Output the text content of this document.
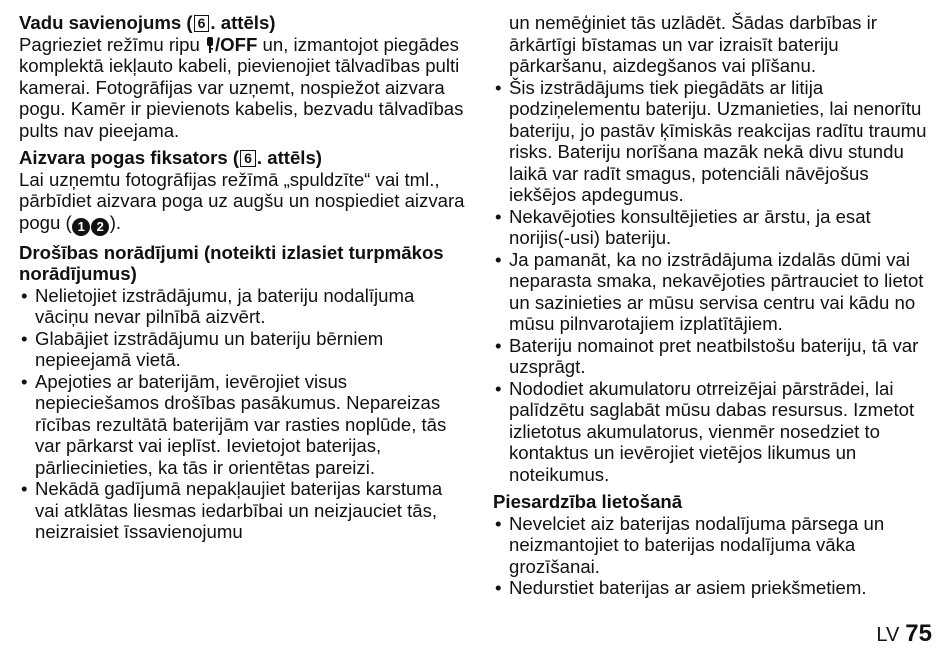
Vadu savienojums ( 6 . attēls)

Pagrieziet režīmu ripu /OFF un, izmantojot piegādes komplektā iekļauto kabeli, pievienojiet tālvadības pulti kamerai. Fotogrāfijas var uzņemt, nospiežot aizvara pogu. Kamēr ir pievienots kabelis, bezvadu tālvadības pults nav pieejama.

Aizvara pogas fiksators ( 6 . attēls)

Lai uzņemtu fotogrāfijas režīmā „spuldzīte“ vai tml., pārbīdiet aizvara poga uz augšu un nospiediet aizvara pogu ( 1 2 ).

Drošības norādījumi (noteikti izlasiet turpmākos norādījumus)
• Nelietojiet izstrādājumu, ja bateriju nodalījuma vāciņu nevar pilnībā aizvērt.
• Glabājiet izstrādājumu un bateriju bērniem nepieejamā vietā.
• Apejoties ar baterijām, ievērojiet visus nepieciešamos drošības pasākumus. Nepareizas rīcības rezultātā baterijām var rasties noplūde, tās var pārkarst vai ieplīst. Ievietojot baterijas, pārliecinieties, ka tās ir orientētas pareizi.
• Nekādā gadījumā nepakļaujiet baterijas karstuma vai atklātas liesmas iedarbībai un neizjauciet tās, neizraisiet īssavienojumu
un nemēģiniet tās uzlādēt. Šādas darbības ir ārkārtīgi bīstamas un var izraisīt bateriju pārkaršanu, aizdegšanos vai plīšanu.
• Šis izstrādājums tiek piegādāts ar litija podziņelementu bateriju. Uzmanieties, lai nenorītu bateriju, jo pastāv ķīmiskās reakcijas radītu traumu risks. Bateriju norīšana mazāk nekā divu stundu laikā var radīt smagus, potenciāli nāvējošus iekšējos apdegumus.
• Nekavējoties konsultējieties ar ārstu, ja esat norijis(-usi) bateriju.
• Ja pamanāt, ka no izstrādājuma izdalās dūmi vai neparasta smaka, nekavējoties pārtrauciet to lietot un sazinieties ar mūsu servisa centru vai kādu no mūsu pilnvarotajiem izplatītājiem.
• Bateriju nomainot pret neatbilstošu bateriju, tā var uzsprāgt.
• Nododiet akumulatoru otrreizējai pārstrādei, lai palīdzētu saglabāt mūsu dabas resursus. Izmetot izlietotus akumulatorus, vienmēr nosedziet to kontaktus un ievērojiet vietējos likumus un noteikumus.
Piesardzība lietošanā
• Nevelciet aiz baterijas nodalījuma pārsega un neizmantojiet to baterijas nodalījuma vāka grozīšanai.
• Nedurstiet baterijas ar asiem priekšmetiem.
LV 75
